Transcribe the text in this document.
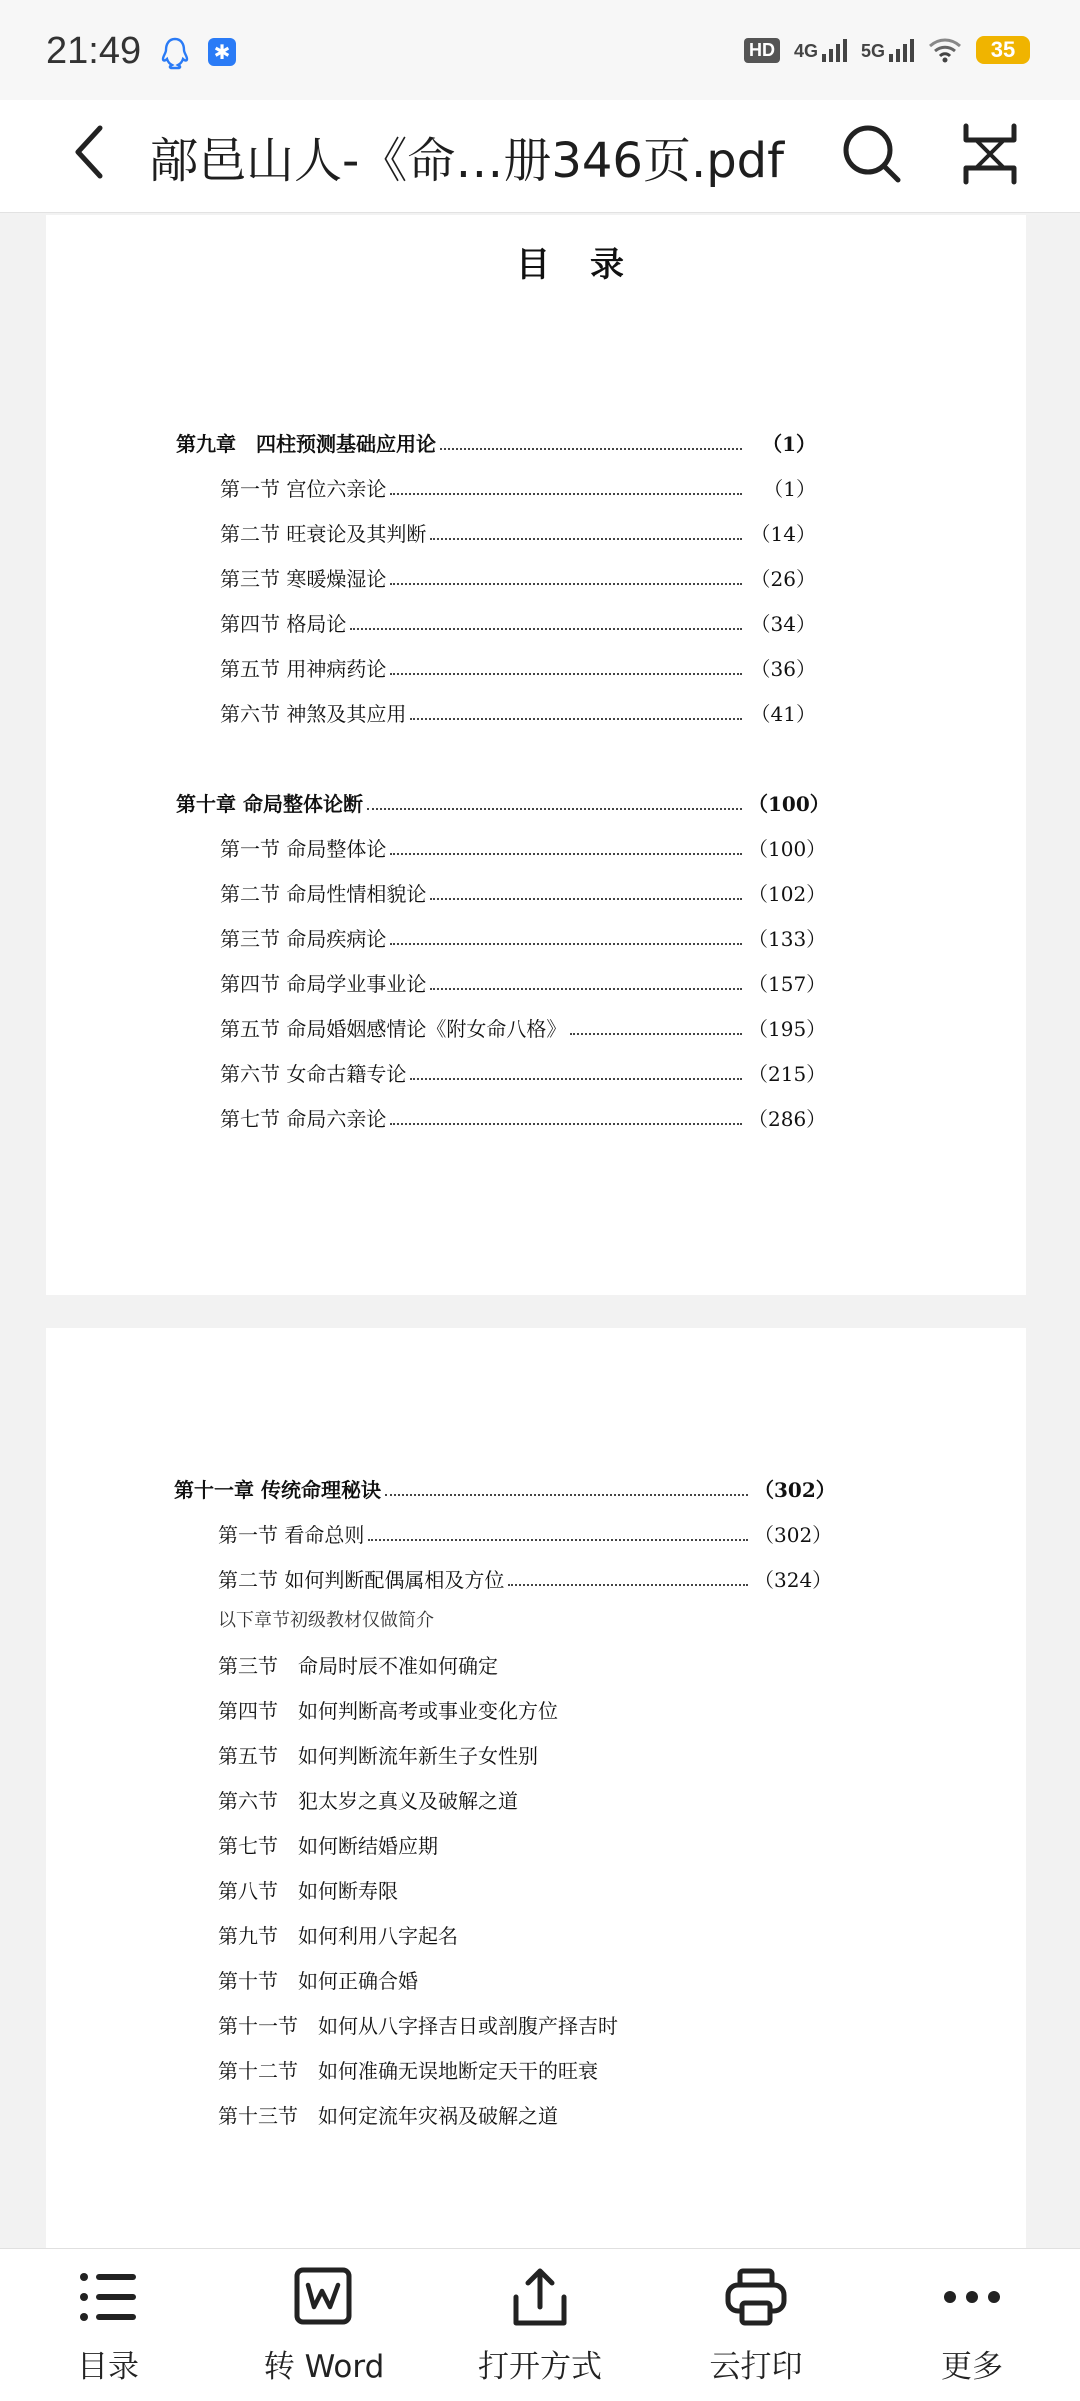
21:49	✱	HD 4G 5G	35
鄗邑山人-《命…册346页.pdf
目录
第九章　四柱预测基础应用论	（1）
第一节 宫位六亲论	（1）
第二节 旺衰论及其判断	（14）
第三节 寒暖燥湿论	（26）
第四节 格局论	（34）
第五节 用神病药论	（36）
第六节 神煞及其应用	（41）
第十章 命局整体论断	（100）
第一节 命局整体论	（100）
第二节 命局性情相貌论	（102）
第三节 命局疾病论	（133）
第四节 命局学业事业论	（157）
第五节 命局婚姻感情论《附女命八格》	（195）
第六节 女命古籍专论	（215）
第七节 命局六亲论	（286）
第十一章 传统命理秘诀	（302）
第一节 看命总则	（302）
第二节 如何判断配偶属相及方位	（324）
以下章节初级教材仅做简介
第三节　命局时辰不准如何确定
第四节　如何判断高考或事业变化方位
第五节　如何判断流年新生子女性别
第六节　犯太岁之真义及破解之道
第七节　如何断结婚应期
第八节　如何断寿限
第九节　如何利用八字起名
第十节　如何正确合婚
第十一节　如何从八字择吉日或剖腹产择吉时
第十二节　如何准确无误地断定天干的旺衰
第十三节　如何定流年灾祸及破解之道
目录	转 Word	打开方式	云打印	更多
